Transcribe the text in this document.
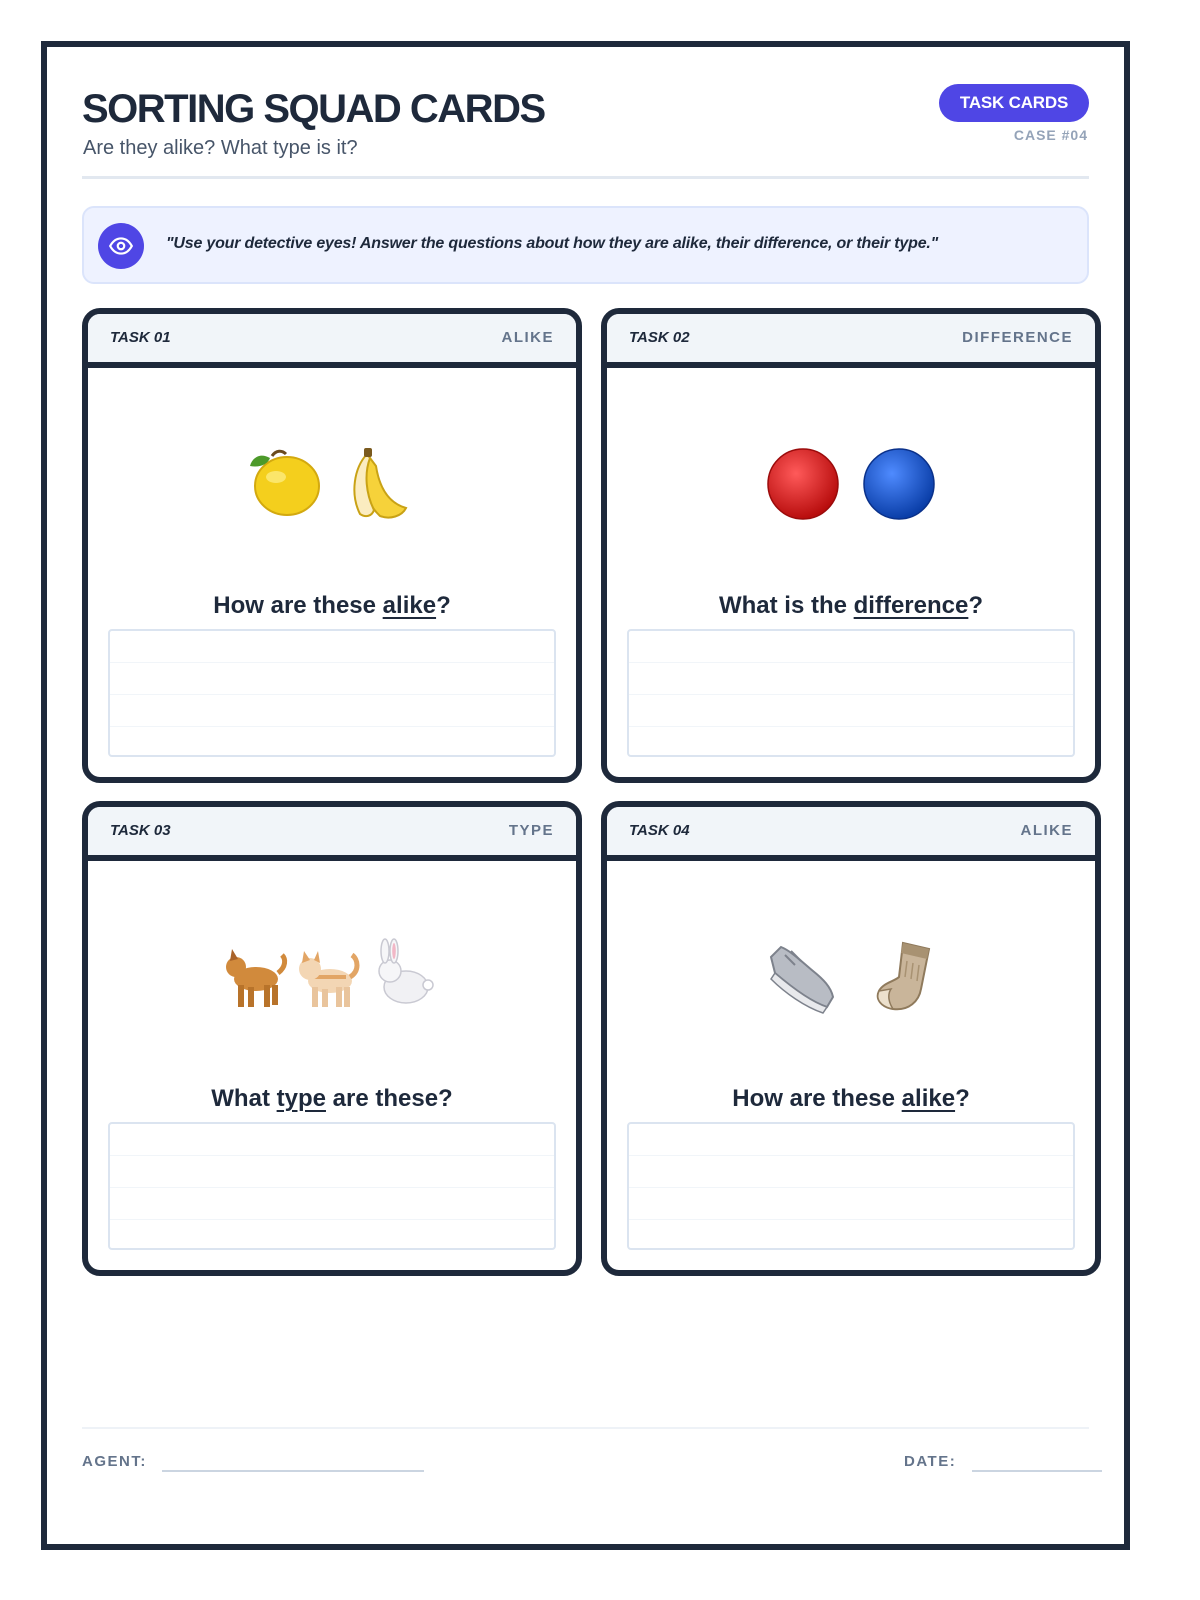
SORTING SQUAD CARDS

Are they alike? What type is it?

TASK CARDS
CASE #04
"Use your detective eyes! Answer the questions about how they are alike, their difference, or their type."
TASK 01	ALIKE
How are these alike?
TASK 02	DIFFERENCE
What is the difference?
TASK 03	TYPE
What type are these?
TASK 04	ALIKE
How are these alike?
AGENT:	DATE:
